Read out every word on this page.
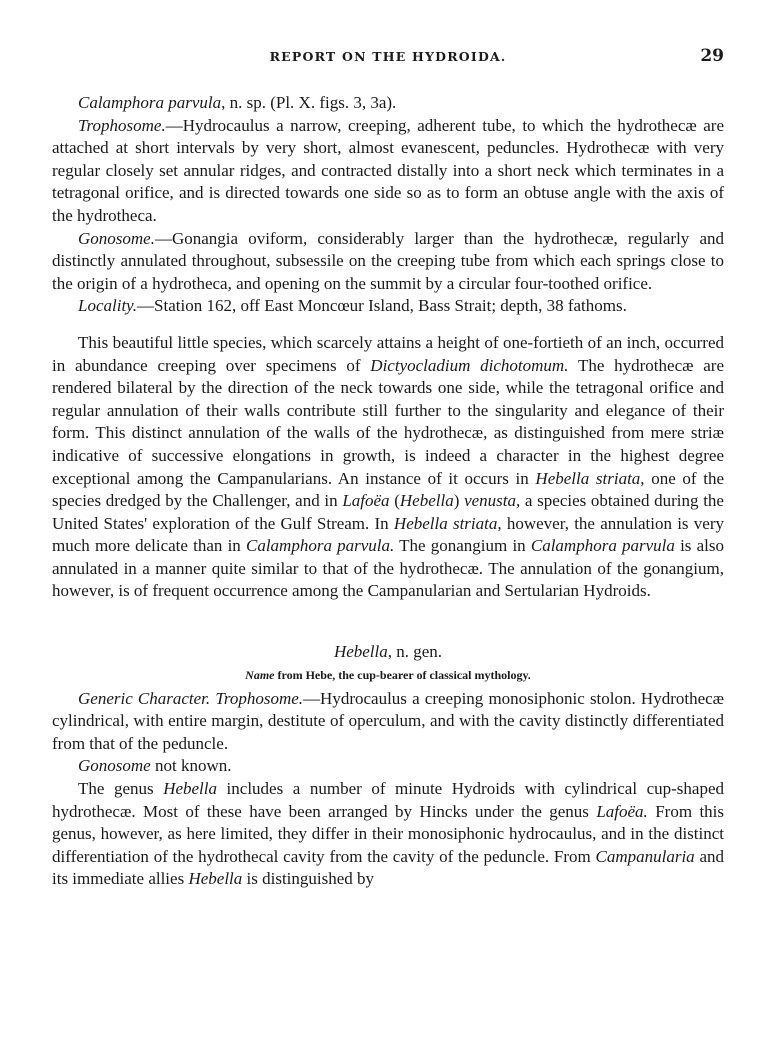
REPORT ON THE HYDROIDA.	29

Calamphora parvula, n. sp. (Pl. X. figs. 3, 3a).

Trophosome.—Hydrocaulus a narrow, creeping, adherent tube, to which the hydrothecæ are attached at short intervals by very short, almost evanescent, peduncles. Hydrothecæ with very regular closely set annular ridges, and contracted distally into a short neck which terminates in a tetragonal orifice, and is directed towards one side so as to form an obtuse angle with the axis of the hydrotheca.

Gonosome.—Gonangia oviform, considerably larger than the hydrothecæ, regularly and distinctly annulated throughout, subsessile on the creeping tube from which each springs close to the origin of a hydrotheca, and opening on the summit by a circular four-toothed orifice.

Locality.—Station 162, off East Moncœur Island, Bass Strait; depth, 38 fathoms.

This beautiful little species, which scarcely attains a height of one-fortieth of an inch, occurred in abundance creeping over specimens of Dictyocladium dichotomum. The hydrothecæ are rendered bilateral by the direction of the neck towards one side, while the tetragonal orifice and regular annulation of their walls contribute still further to the singularity and elegance of their form. This distinct annulation of the walls of the hydrothecæ, as distinguished from mere striæ indicative of successive elongations in growth, is indeed a character in the highest degree exceptional among the Campanularians. An instance of it occurs in Hebella striata, one of the species dredged by the Challenger, and in Lafoëa (Hebella) venusta, a species obtained during the United States' exploration of the Gulf Stream. In Hebella striata, however, the annulation is very much more delicate than in Calamphora parvula. The gonangium in Calamphora parvula is also annulated in a manner quite similar to that of the hydrothecæ. The annulation of the gonangium, however, is of frequent occurrence among the Campanularian and Sertularian Hydroids.

Hebella, n. gen.
Name from Hebe, the cup-bearer of classical mythology.

Generic Character. Trophosome.—Hydrocaulus a creeping monosiphonic stolon. Hydrothecæ cylindrical, with entire margin, destitute of operculum, and with the cavity distinctly differentiated from that of the peduncle.

Gonosome not known.

The genus Hebella includes a number of minute Hydroids with cylindrical cup-shaped hydrothecæ. Most of these have been arranged by Hincks under the genus Lafoëa. From this genus, however, as here limited, they differ in their monosiphonic hydrocaulus, and in the distinct differentiation of the hydrothecal cavity from the cavity of the peduncle. From Campanularia and its immediate allies Hebella is distinguished by
